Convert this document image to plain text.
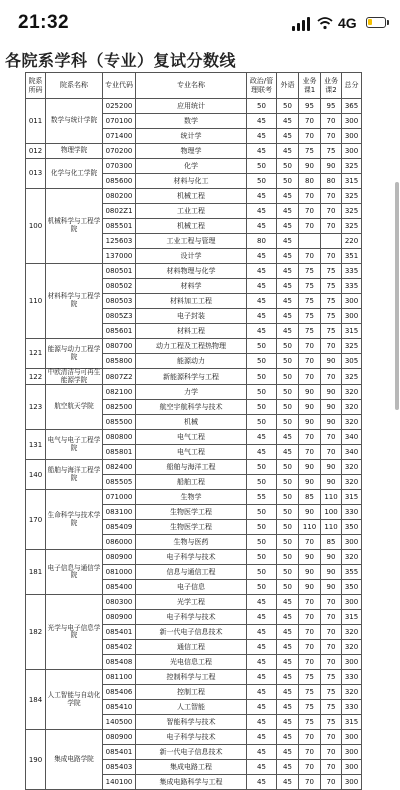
21:32	4G
各院系学科（专业）复试分数线
院系所码	院系名称	专业代码	专业名称	政治/管理联考	外语	业务课1	业务课2	总分
011	数学与统计学院	025200	应用统计	50	50	95	95	365
		070100	数学	45	45	70	70	300
		071400	统计学	45	45	70	70	300
012	物理学院	070200	物理学	45	45	75	75	300
013	化学与化工学院	070300	化学	50	50	90	90	325
		085600	材料与化工	50	50	80	80	315
100	机械科学与工程学院	080200	机械工程	45	45	70	70	325
		0802Z1	工业工程	45	45	70	70	325
		085501	机械工程	45	45	70	70	325
		125603	工业工程与管理	80	45			220
		137000	设计学	45	45	70	70	351
110	材料科学与工程学院	080501	材料物理与化学	45	45	75	75	335
		080502	材料学	45	45	75	75	335
		080503	材料加工工程	45	45	75	75	300
		0805Z3	电子封装	45	45	75	75	300
		085601	材料工程	45	45	75	75	315
121	能源与动力工程学院	080700	动力工程及工程热物理	50	50	70	70	325
		085800	能源动力	50	50	70	90	305
122	中欧清洁与可再生能源学院	0807Z2	新能源科学与工程	50	50	70	70	325
123	航空航天学院	082100	力学	50	50	90	90	320
		082500	航空宇航科学与技术	50	50	90	90	320
		085500	机械	50	50	90	90	320
131	电气与电子工程学院	080800	电气工程	45	45	70	70	340
		085801	电气工程	45	45	70	70	340
140	船舶与海洋工程学院	082400	船舶与海洋工程	50	50	90	90	320
		085505	船舶工程	50	50	90	90	320
170	生命科学与技术学院	071000	生物学	55	50	85	110	315
		083100	生物医学工程	50	50	90	100	330
		085409	生物医学工程	50	50	110	110	350
		086000	生物与医药	50	50	70	85	300
181	电子信息与通信学院	080900	电子科学与技术	50	50	90	90	320
		081000	信息与通信工程	50	50	90	90	355
		085400	电子信息	50	50	90	90	350
182	光学与电子信息学院	080300	光学工程	45	45	70	70	300
		080900	电子科学与技术	45	45	70	70	315
		085401	新一代电子信息技术	45	45	70	70	320
		085402	通信工程	45	45	70	70	320
		085408	光电信息工程	45	45	70	70	300
184	人工智能与自动化学院	081100	控制科学与工程	45	45	75	75	330
		085406	控制工程	45	45	75	75	320
		085410	人工智能	45	45	75	75	330
		140500	智能科学与技术	45	45	75	75	315
190	集成电路学院	080900	电子科学与技术	45	45	70	70	300
		085401	新一代电子信息技术	45	45	70	70	300
		085403	集成电路工程	45	45	70	70	300
		140100	集成电路科学与工程	45	45	70	70	300
